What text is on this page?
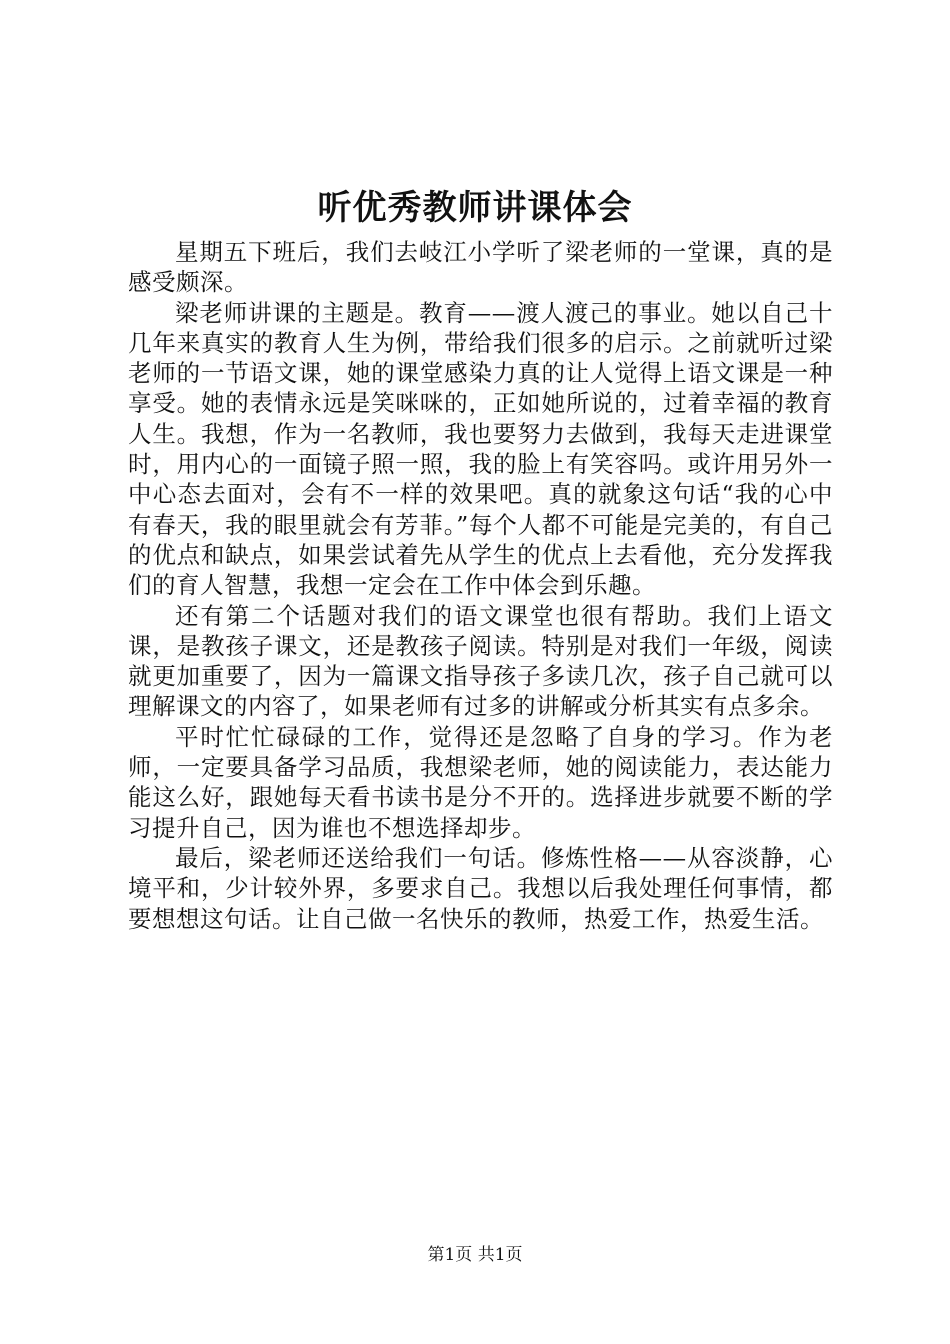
听优秀教师讲课体会

星期五下班后，我们去岐江小学听了梁老师的一堂课，真的是感受颇深。

梁老师讲课的主题是。教育——渡人渡己的事业。她以自己十几年来真实的教育人生为例，带给我们很多的启示。之前就听过梁老师的一节语文课，她的课堂感染力真的让人觉得上语文课是一种享受。她的表情永远是笑咪咪的，正如她所说的，过着幸福的教育人生。我想，作为一名教师，我也要努力去做到，我每天走进课堂时，用内心的一面镜子照一照，我的脸上有笑容吗。或许用另外一中心态去面对，会有不一样的效果吧。真的就象这句话“我的心中有春天，我的眼里就会有芳菲。”每个人都不可能是完美的，有自己的优点和缺点，如果尝试着先从学生的优点上去看他，充分发挥我们的育人智慧，我想一定会在工作中体会到乐趣。

还有第二个话题对我们的语文课堂也很有帮助。我们上语文课，是教孩子课文，还是教孩子阅读。特别是对我们一年级，阅读就更加重要了，因为一篇课文指导孩子多读几次，孩子自己就可以理解课文的内容了，如果老师有过多的讲解或分析其实有点多余。

平时忙忙碌碌的工作，觉得还是忽略了自身的学习。作为老师，一定要具备学习品质，我想梁老师，她的阅读能力，表达能力能这么好，跟她每天看书读书是分不开的。选择进步就要不断的学习提升自己，因为谁也不想选择却步。

最后，梁老师还送给我们一句话。修炼性格——从容淡静，心境平和，少计较外界，多要求自己。我想以后我处理任何事情，都要想想这句话。让自己做一名快乐的教师，热爱工作，热爱生活。

第1页 共1页
